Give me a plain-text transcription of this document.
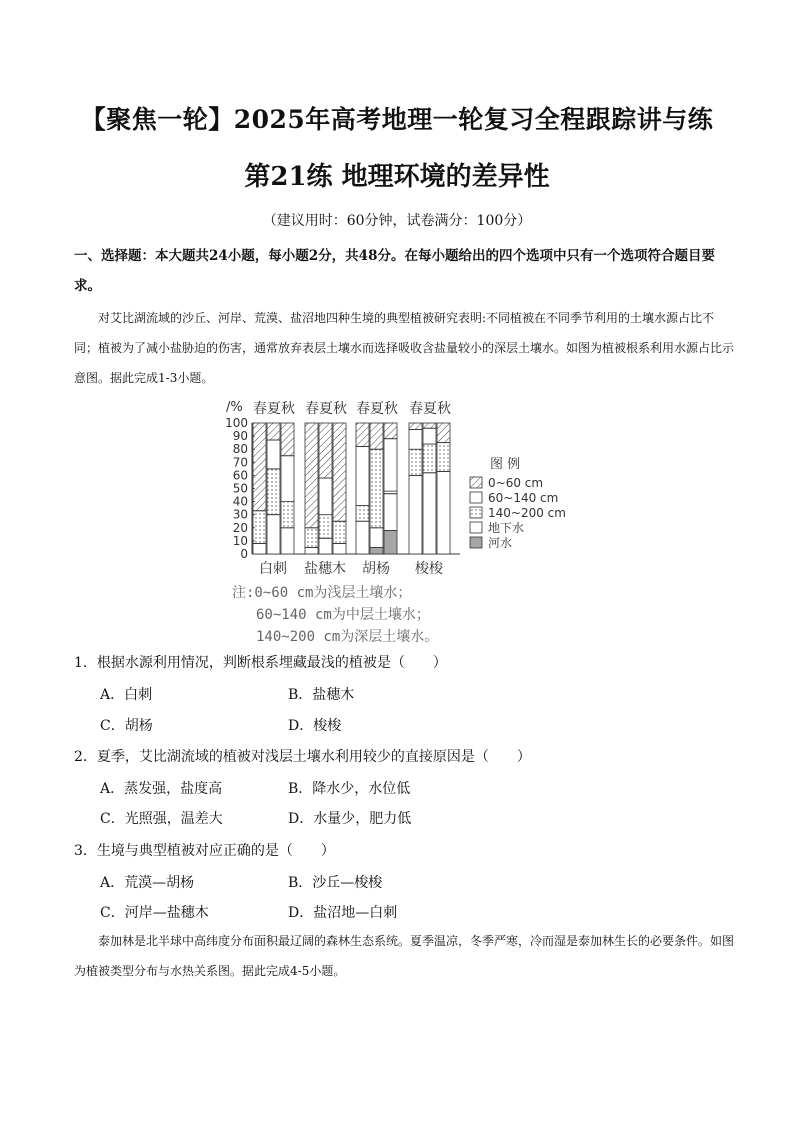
【聚焦一轮】2025年高考地理一轮复习全程跟踪讲与练
第21练 地理环境的差异性
（建议用时：60分钟，试卷满分：100分）
一、选择题：本大题共24小题，每小题2分，共48分。在每小题给出的四个选项中只有一个选项符合题目要求。
对艾比湖流域的沙丘、河岸、荒漠、盐沼地四种生境的典型植被研究表明:不同植被在不同季节利用的土壤水源占比不同；植被为了减小盐胁迫的伤害，通常放弃表层土壤水而选择吸收含盐量较小的深层土壤水。如图为植被根系利用水源占比示意图。据此完成1-3小题。
/%
0
10
20
30
40
50
60
70
80
90
100
春夏秋
白刺
春夏秋
盐穗木
春夏秋
胡杨
春夏秋
梭梭
图 例
0~60 cm
60~140 cm
140~200 cm
地下水
河水
注:0~60 cm为浅层土壤水；
60~140 cm为中层土壤水；
140~200 cm为深层土壤水。
1．根据水源利用情况，判断根系埋藏最浅的植被是（　　）
A．白刺	B．盐穗木
C．胡杨	D．梭梭
2．夏季，艾比湖流域的植被对浅层土壤水利用较少的直接原因是（　　）
A．蒸发强，盐度高	B．降水少，水位低
C．光照强，温差大	D．水量少，肥力低
3．生境与典型植被对应正确的是（　　）
A．荒漠—胡杨	B．沙丘—梭梭
C．河岸—盐穗木	D．盐沼地—白刺
泰加林是北半球中高纬度分布面积最辽阔的森林生态系统。夏季温凉，冬季严寒，冷而湿是泰加林生长的必要条件。如图为植被类型分布与水热关系图。据此完成4-5小题。
